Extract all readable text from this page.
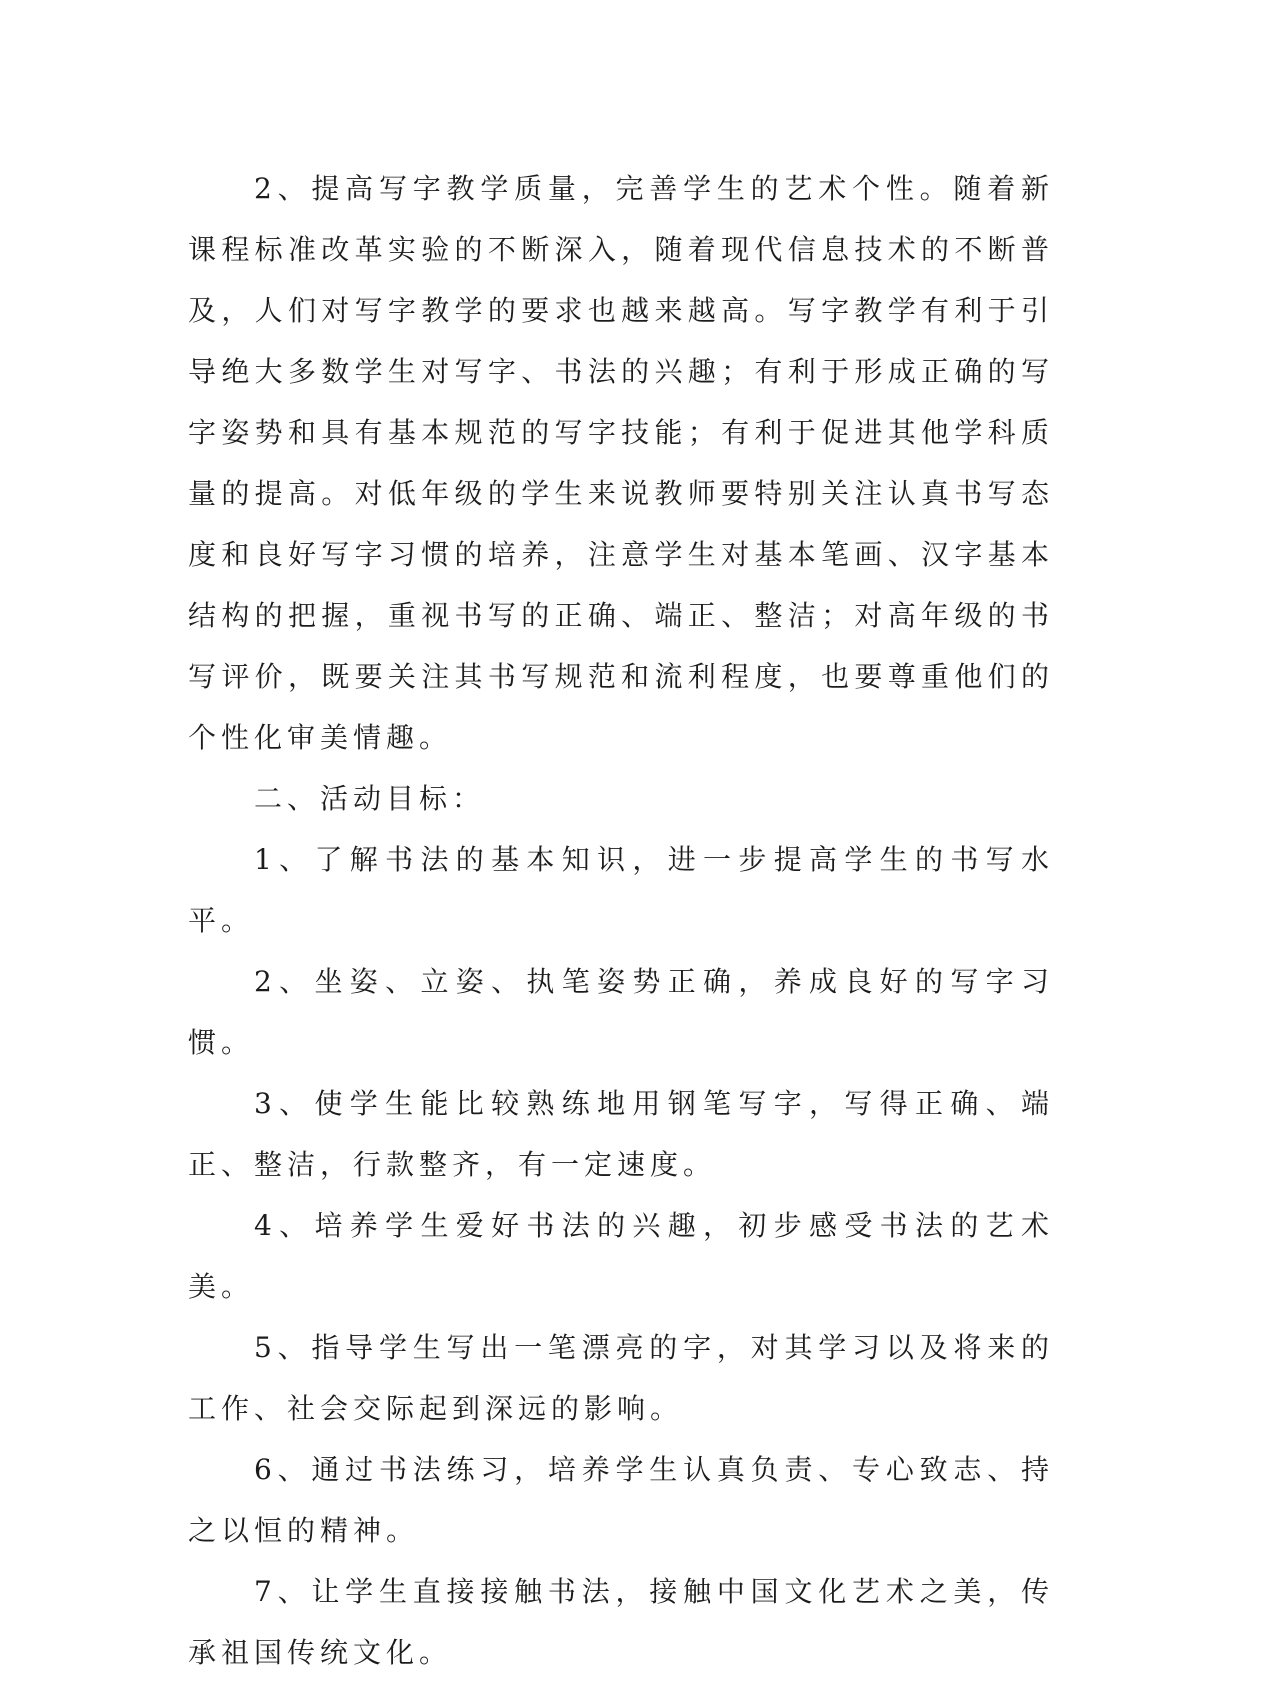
2、提高写字教学质量，完善学生的艺术个性。随着新课程标准改革实验的不断深入，随着现代信息技术的不断普及，人们对写字教学的要求也越来越高。写字教学有利于引导绝大多数学生对写字、书法的兴趣；有利于形成正确的写字姿势和具有基本规范的写字技能；有利于促进其他学科质量的提高。对低年级的学生来说教师要特别关注认真书写态度和良好写字习惯的培养，注意学生对基本笔画、汉字基本结构的把握，重视书写的正确、端正、整洁；对高年级的书写评价，既要关注其书写规范和流利程度，也要尊重他们的个性化审美情趣。

二、活动目标：

1、了解书法的基本知识，进一步提高学生的书写水平。

2、坐姿、立姿、执笔姿势正确，养成良好的写字习惯。

3、使学生能比较熟练地用钢笔写字，写得正确、端正、整洁，行款整齐，有一定速度。

4、培养学生爱好书法的兴趣，初步感受书法的艺术美。

5、指导学生写出一笔漂亮的字，对其学习以及将来的工作、社会交际起到深远的影响。

6、通过书法练习，培养学生认真负责、专心致志、持之以恒的精神。

7、让学生直接接触书法，接触中国文化艺术之美，传承祖国传统文化。
